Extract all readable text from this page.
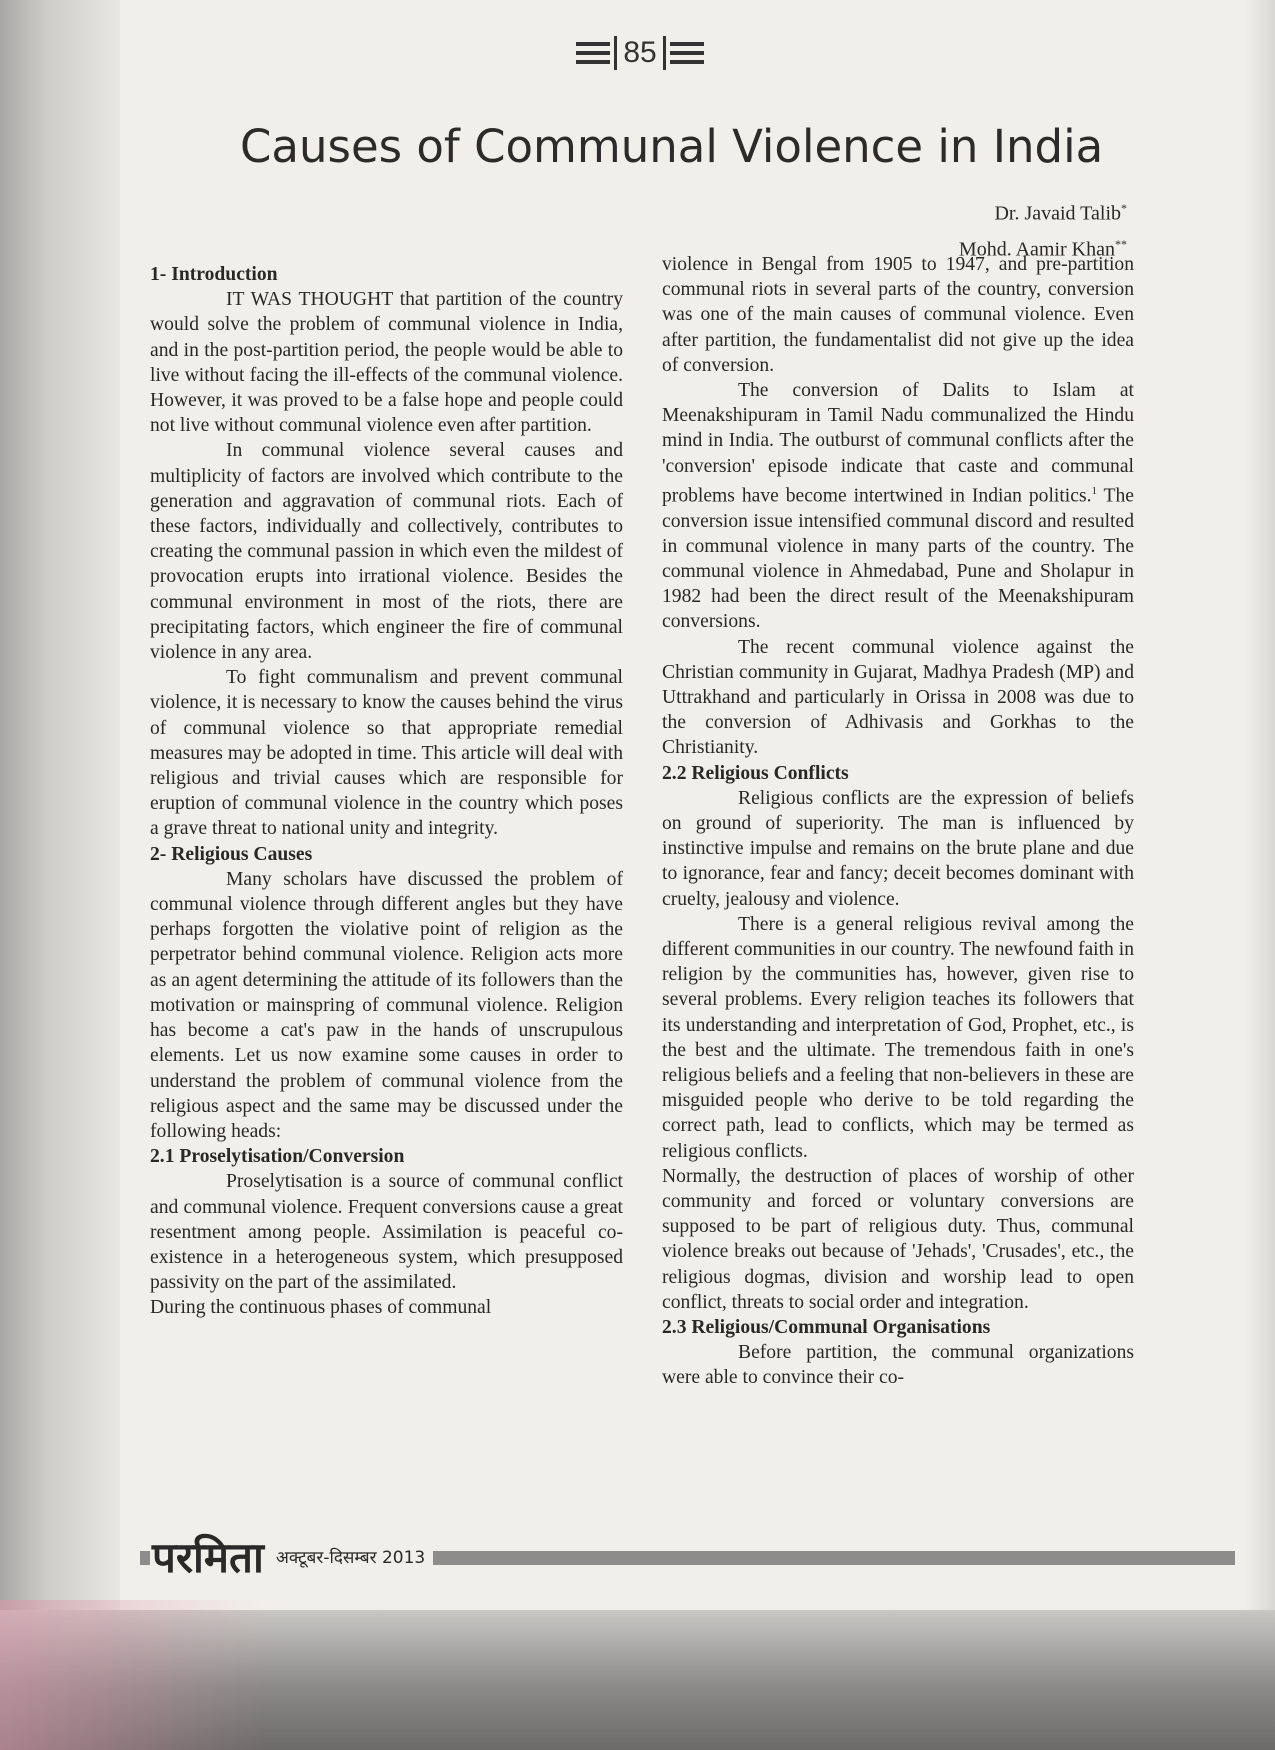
85
Causes of Communal Violence in India
Dr. Javaid Talib*
Mohd. Aamir Khan**
1- Introduction

IT WAS THOUGHT that partition of the country would solve the problem of communal violence in India, and in the post-partition period, the people would be able to live without facing the ill-effects of the communal violence. However, it was proved to be a false hope and people could not live without communal violence even after partition.

In communal violence several causes and multiplicity of factors are involved which contribute to the generation and aggravation of communal riots. Each of these factors, individually and collectively, contributes to creating the communal passion in which even the mildest of provocation erupts into irrational violence. Besides the communal environment in most of the riots, there are precipitating factors, which engineer the fire of communal violence in any area.

To fight communalism and prevent communal violence, it is necessary to know the causes behind the virus of communal violence so that appropriate remedial measures may be adopted in time. This article will deal with religious and trivial causes which are responsible for eruption of communal violence in the country which poses a grave threat to national unity and integrity.

2- Religious Causes

Many scholars have discussed the problem of communal violence through different angles but they have perhaps forgotten the violative point of religion as the perpetrator behind communal violence. Religion acts more as an agent determining the attitude of its followers than the motivation or mainspring of communal violence. Religion has become a cat's paw in the hands of unscrupulous elements. Let us now examine some causes in order to understand the problem of communal violence from the religious aspect and the same may be discussed under the following heads:

2.1 Proselytisation/Conversion

Proselytisation is a source of communal conflict and communal violence. Frequent conversions cause a great resentment among people. Assimilation is peaceful co-existence in a heterogeneous system, which presupposed passivity on the part of the assimilated.

During the continuous phases of communal

violence in Bengal from 1905 to 1947, and pre-partition communal riots in several parts of the country, conversion was one of the main causes of communal violence. Even after partition, the fundamentalist did not give up the idea of conversion.

The conversion of Dalits to Islam at Meenakshipuram in Tamil Nadu communalized the Hindu mind in India. The outburst of communal conflicts after the 'conversion' episode indicate that caste and communal problems have become intertwined in Indian politics.$^1$ The conversion issue intensified communal discord and resulted in communal violence in many parts of the country. The communal violence in Ahmedabad, Pune and Sholapur in 1982 had been the direct result of the Meenakshipuram conversions.

The recent communal violence against the Christian community in Gujarat, Madhya Pradesh (MP) and Uttrakhand and particularly in Orissa in 2008 was due to the conversion of Adhivasis and Gorkhas to the Christianity.

2.2 Religious Conflicts

Religious conflicts are the expression of beliefs on ground of superiority. The man is influenced by instinctive impulse and remains on the brute plane and due to ignorance, fear and fancy; deceit becomes dominant with cruelty, jealousy and violence.

There is a general religious revival among the different communities in our country. The newfound faith in religion by the communities has, however, given rise to several problems. Every religion teaches its followers that its understanding and interpretation of God, Prophet, etc., is the best and the ultimate. The tremendous faith in one's religious beliefs and a feeling that non-believers in these are misguided people who derive to be told regarding the correct path, lead to conflicts, which may be termed as religious conflicts.

Normally, the destruction of places of worship of other community and forced or voluntary conversions are supposed to be part of religious duty. Thus, communal violence breaks out because of 'Jehads', 'Crusades', etc., the religious dogmas, division and worship lead to open conflict, threats to social order and integration.

2.3 Religious/Communal Organisations

Before partition, the communal organizations were able to convince their co-

परमिता अक्टूबर-दिसम्बर 2013
